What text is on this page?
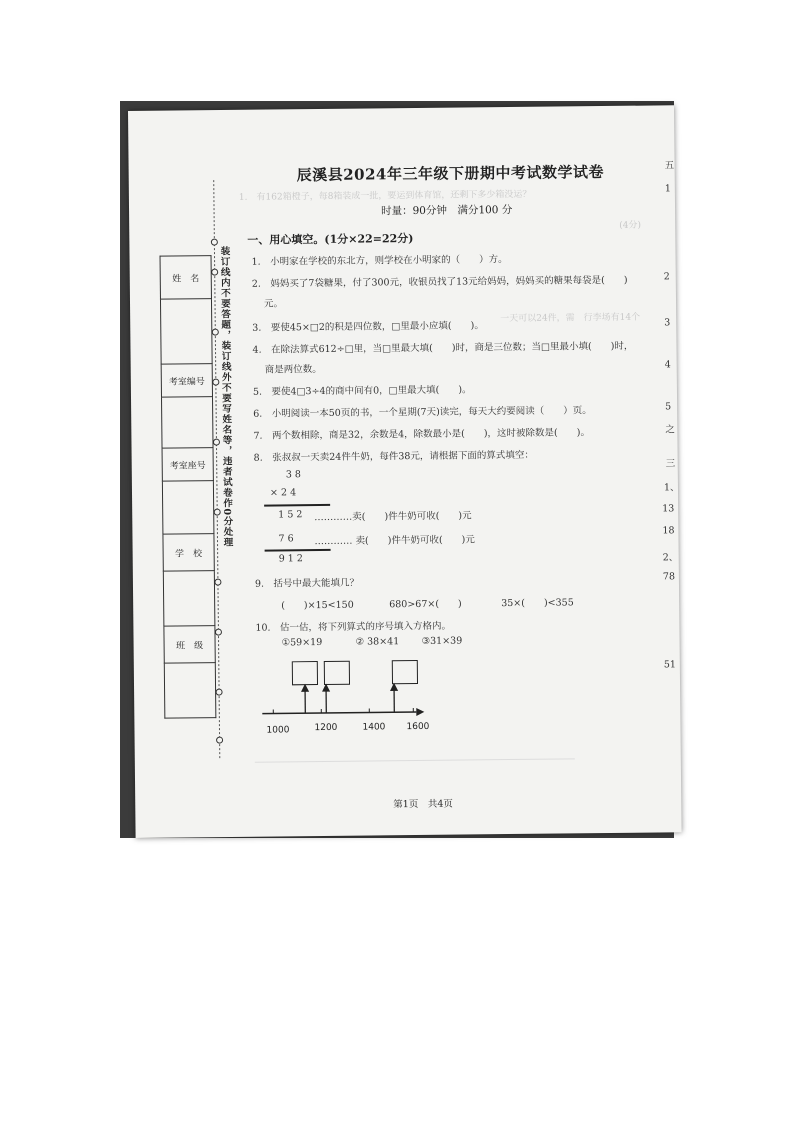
装订线内不要答题，装订线外不要写姓名等，违者试卷作0分处理
姓　名

考室编号

考室座号

学　校

班　级

辰溪县2024年三年级下册期中考试数学试卷
1.　有162箱橙子，每8箱装成一批，要运到体育馆，还剩下多少箱没运？
时量：90分钟　满分100 分
(4分)
一、用心填空。(1分×22=22分)
1.　小明家在学校的东北方，则学校在小明家的（　　）方。
2.　妈妈买了7袋糖果，付了300元，收银员找了13元给妈妈，妈妈买的糖果每袋是(　　)
元。
一天可以24件，需　行李场有14个
3.　要使45×□2的积是四位数，□里最小应填(　　)。
4.　在除法算式612÷□里，当□里最大填(　　)时，商是三位数；当□里最小填(　　)时，
商是两位数。
5.　要使4□3÷4的商中间有0，□里最大填(　　)。
6.　小明阅读一本50页的书，一个星期(7天)读完，每天大约要阅读（　　）页。
7.　两个数相除，商是32，余数是4，除数最小是(　　)，这时被除数是(　　)。
8.　张叔叔一天卖24件牛奶，每件38元，请根据下面的算式填空：
3 8
× 2 4
1 5 2 …………卖(　　)件牛奶可收(　　)元
7 6 ………… 卖(　　)件牛奶可收(　　)元
9 1 2
9.　括号中最大能填几？
(　　)×15<150	680>67×(　　)	35×(　　)<355
10.　估一估，将下列算式的序号填入方格内。
①59×19	② 38×41 ③31×39
1000	1200	1400 1600
第1页　共4页
五
1
2
3
4
5
之
三
1、
13
18
2、
78
51
